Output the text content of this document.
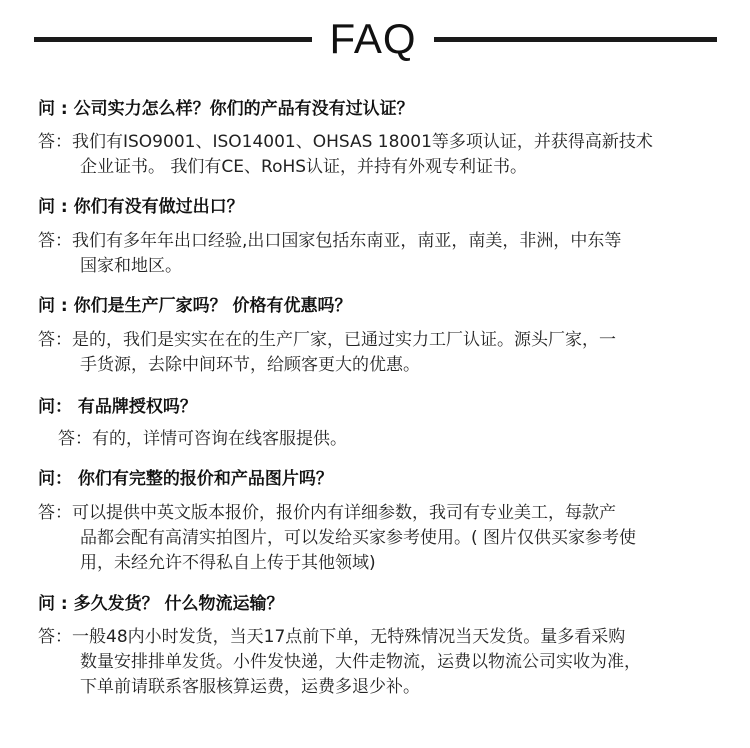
FAQ
问 : 公司实力怎么样？你们的产品有没有过认证？
答：我们有ISO9001、ISO14001、OHSAS 18001等多项认证，并获得高新技术
企业证书。 我们有CE、RoHS认证，并持有外观专利证书。
问 : 你们有没有做过出口？
答：我们有多年年出口经验,出口国家包括东南亚，南亚，南美，非洲，中东等
国家和地区。
问 : 你们是生产厂家吗？ 价格有优惠吗？
答：是的，我们是实实在在的生产厂家，已通过实力工厂认证。源头厂家，一
手货源，去除中间环节，给顾客更大的优惠。
问： 有品牌授权吗？
答：有的，详情可咨询在线客服提供。
问： 你们有完整的报价和产品图片吗？
答：可以提供中英文版本报价，报价内有详细参数，我司有专业美工，每款产
品都会配有高清实拍图片，可以发给买家参考使用。( 图片仅供买家参考使
用，未经允许不得私自上传于其他领域)
问 : 多久发货？ 什么物流运输？
答：一般48内小时发货，当天17点前下单，无特殊情况当天发货。量多看采购
数量安排排单发货。小件发快递，大件走物流，运费以物流公司实收为准，
下单前请联系客服核算运费，运费多退少补。
